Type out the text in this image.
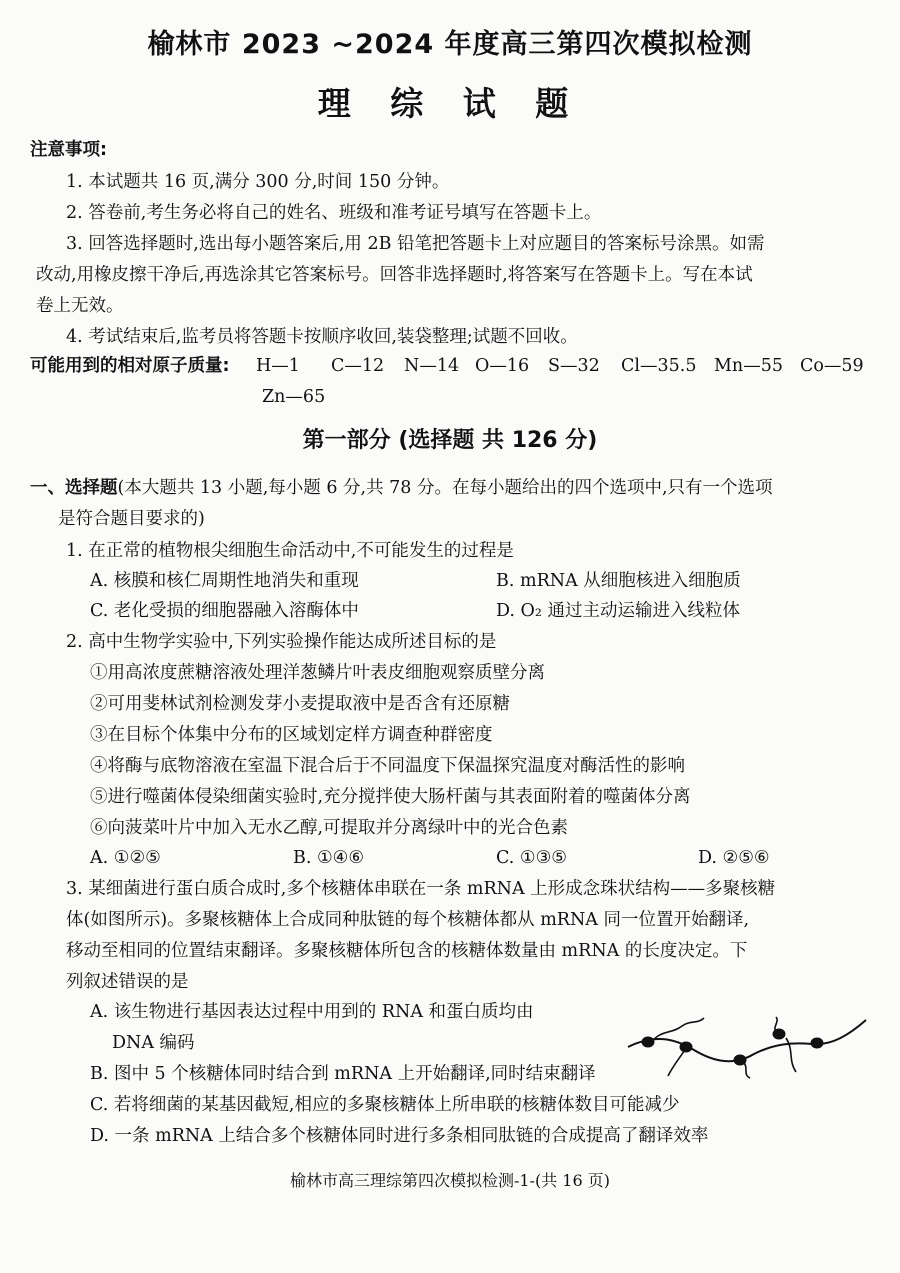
榆林市 2023 ~2024 年度高三第四次模拟检测
理 综 试 题
注意事项:
1. 本试题共 16 页,满分 300 分,时间 150 分钟。
2. 答卷前,考生务必将自己的姓名、班级和准考证号填写在答题卡上。
3. 回答选择题时,选出每小题答案后,用 2B 铅笔把答题卡上对应题目的答案标号涂黑。如需
改动,用橡皮擦干净后,再选涂其它答案标号。回答非选择题时,将答案写在答题卡上。写在本试
卷上无效。
4. 考试结束后,监考员将答题卡按顺序收回,装袋整理;试题不回收。
可能用到的相对原子质量: H—1 C—12 N—14 O—16 S—32 Cl—35.5 Mn—55 Co—59
Zn—65
第一部分 (选择题 共 126 分)
一、选择题(本大题共 13 小题,每小题 6 分,共 78 分。在每小题给出的四个选项中,只有一个选项
是符合题目要求的)
1. 在正常的植物根尖细胞生命活动中,不可能发生的过程是
A. 核膜和核仁周期性地消失和重现	B. mRNA 从细胞核进入细胞质
C. 老化受损的细胞器融入溶酶体中	D. O₂ 通过主动运输进入线粒体
2. 高中生物学实验中,下列实验操作能达成所述目标的是
①用高浓度蔗糖溶液处理洋葱鳞片叶表皮细胞观察质壁分离
②可用斐林试剂检测发芽小麦提取液中是否含有还原糖
③在目标个体集中分布的区域划定样方调查种群密度
④将酶与底物溶液在室温下混合后于不同温度下保温探究温度对酶活性的影响
⑤进行噬菌体侵染细菌实验时,充分搅拌使大肠杆菌与其表面附着的噬菌体分离
⑥向菠菜叶片中加入无水乙醇,可提取并分离绿叶中的光合色素
A. ①②⑤	B. ①④⑥	C. ①③⑤	D. ②⑤⑥
3. 某细菌进行蛋白质合成时,多个核糖体串联在一条 mRNA 上形成念珠状结构——多聚核糖
体(如图所示)。多聚核糖体上合成同种肽链的每个核糖体都从 mRNA 同一位置开始翻译,
移动至相同的位置结束翻译。多聚核糖体所包含的核糖体数量由 mRNA 的长度决定。下
列叙述错误的是
A. 该生物进行基因表达过程中用到的 RNA 和蛋白质均由
DNA 编码
B. 图中 5 个核糖体同时结合到 mRNA 上开始翻译,同时结束翻译
C. 若将细菌的某基因截短,相应的多聚核糖体上所串联的核糖体数目可能减少
D. 一条 mRNA 上结合多个核糖体同时进行多条相同肽链的合成提高了翻译效率
榆林市高三理综第四次模拟检测-1-(共 16 页)
